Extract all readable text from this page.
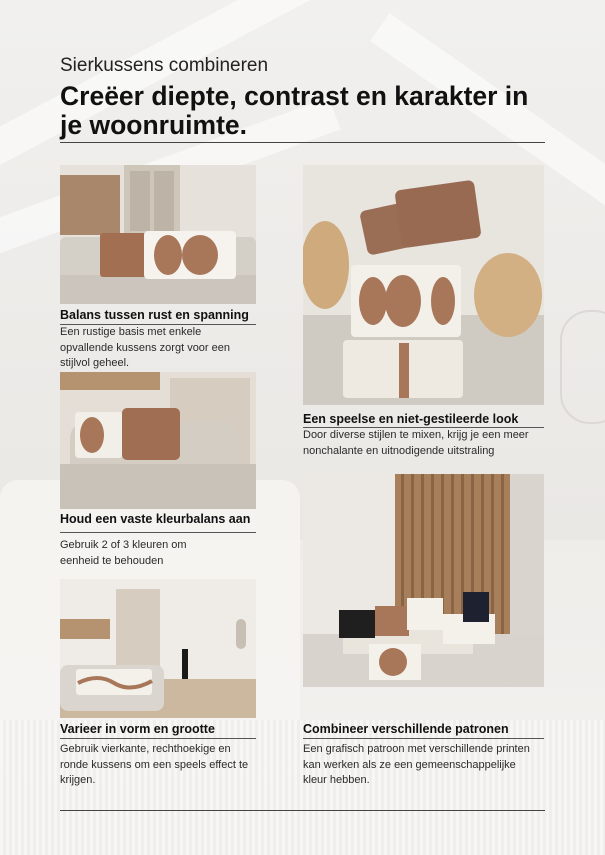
Sierkussens combineren
Creëer diepte, contrast en karakter in je woonruimte.
Balans tussen rust en spanning
Een rustige basis met enkele opvallende kussens zorgt voor een stijlvol geheel.
Een speelse en niet-gestileerde look
Door diverse stijlen te mixen, krijg je een meer nonchalante en uitnodigende uitstraling
Houd een vaste kleurbalans aan
Gebruik 2 of 3 kleuren om eenheid te behouden
Combineer verschillende patronen
Een grafisch patroon met verschillende printen kan werken als ze een gemeenschappelijke kleur hebben.
Varieer in vorm en grootte
Gebruik vierkante, rechthoekige en ronde kussens om een speels effect te krijgen.
